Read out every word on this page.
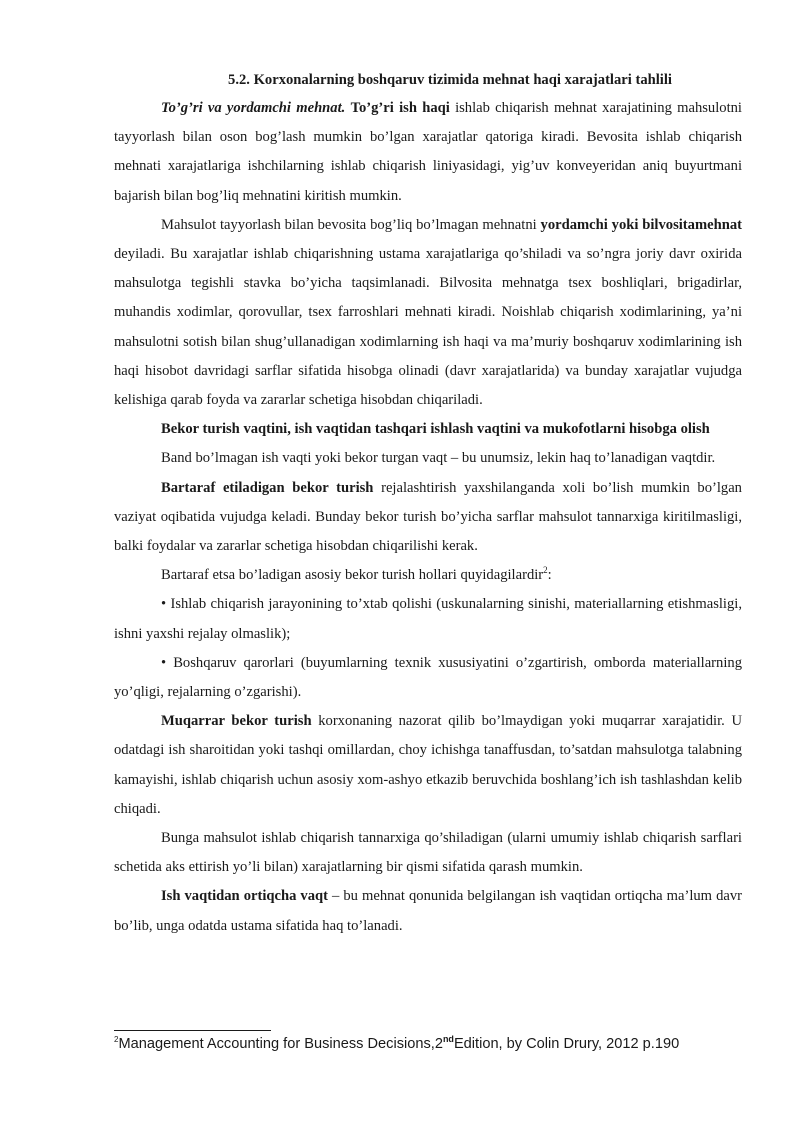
5.2. Korxonalarning boshqaruv tizimida mehnat haqi xarajatlari tahlili

To’g’ri va yordamchi mehnat. To’g’ri ish haqi ishlab chiqarish mehnat xarajatining mahsulotni tayyorlash bilan oson bog’lash mumkin bo’lgan xarajatlar qatoriga kiradi. Bevosita ishlab chiqarish mehnati xarajatlariga ishchilarning ishlab chiqarish liniyasidagi, yig’uv konveyeridan aniq buyurtmani bajarish bilan bog’liq mehnatini kiritish mumkin.

Mahsulot tayyorlash bilan bevosita bog’liq bo’lmagan mehnatni yordamchi yoki bilvositamehnat deyiladi. Bu xarajatlar ishlab chiqarishning ustama xarajatlariga qo’shiladi va so’ngra joriy davr oxirida mahsulotga tegishli stavka bo’yicha taqsimlanadi. Bilvosita mehnatga tsex boshliqlari, brigadirlar, muhandis xodimlar, qorovullar, tsex farroshlari mehnati kiradi. Noishlab chiqarish xodimlarining, ya’ni mahsulotni sotish bilan shug’ullanadigan xodimlarning ish haqi va ma’muriy boshqaruv xodimlarining ish haqi hisobot davridagi sarflar sifatida hisobga olinadi (davr xarajatlarida) va bunday xarajatlar vujudga kelishiga qarab foyda va zararlar schetiga hisobdan chiqariladi.

Bekor turish vaqtini, ish vaqtidan tashqari ishlash vaqtini va mukofotlarni hisobga olish

Band bo’lmagan ish vaqti yoki bekor turgan vaqt – bu unumsiz, lekin haq to’lanadigan vaqtdir.

Bartaraf etiladigan bekor turish rejalashtirish yaxshilanganda xoli bo’lish mumkin bo’lgan vaziyat oqibatida vujudga keladi. Bunday bekor turish bo’yicha sarflar mahsulot tannarxiga kiritilmasligi, balki foydalar va zararlar schetiga hisobdan chiqarilishi kerak.

Bartaraf etsa bo’ladigan asosiy bekor turish hollari quyidagilardir$^2$:

• Ishlab chiqarish jarayonining to’xtab qolishi (uskunalarning sinishi, materiallarning etishmasligi, ishni yaxshi rejalay olmaslik);

• Boshqaruv qarorlari (buyumlarning texnik xususiyatini o’zgartirish, omborda materiallarning yo’qligi, rejalarning o’zgarishi).

Muqarrar bekor turish korxonaning nazorat qilib bo’lmaydigan yoki muqarrar xarajatidir. U odatdagi ish sharoitidan yoki tashqi omillardan, choy ichishga tanaffusdan, to’satdan mahsulotga talabning kamayishi, ishlab chiqarish uchun asosiy xom-ashyo etkazib beruvchida boshlang’ich ish tashlashdan kelib chiqadi.

Bunga mahsulot ishlab chiqarish tannarxiga qo’shiladigan (ularni umumiy ishlab chiqarish sarflari schetida aks ettirish yo’li bilan) xarajatlarning bir qismi sifatida qarash mumkin.

Ish vaqtidan ortiqcha vaqt – bu mehnat qonunida belgilangan ish vaqtidan ortiqcha ma’lum davr bo’lib, unga odatda ustama sifatida haq to’lanadi.

$^2$Management Accounting for Business Decisions,2ndEdition, by Colin Drury, 2012 p.190
